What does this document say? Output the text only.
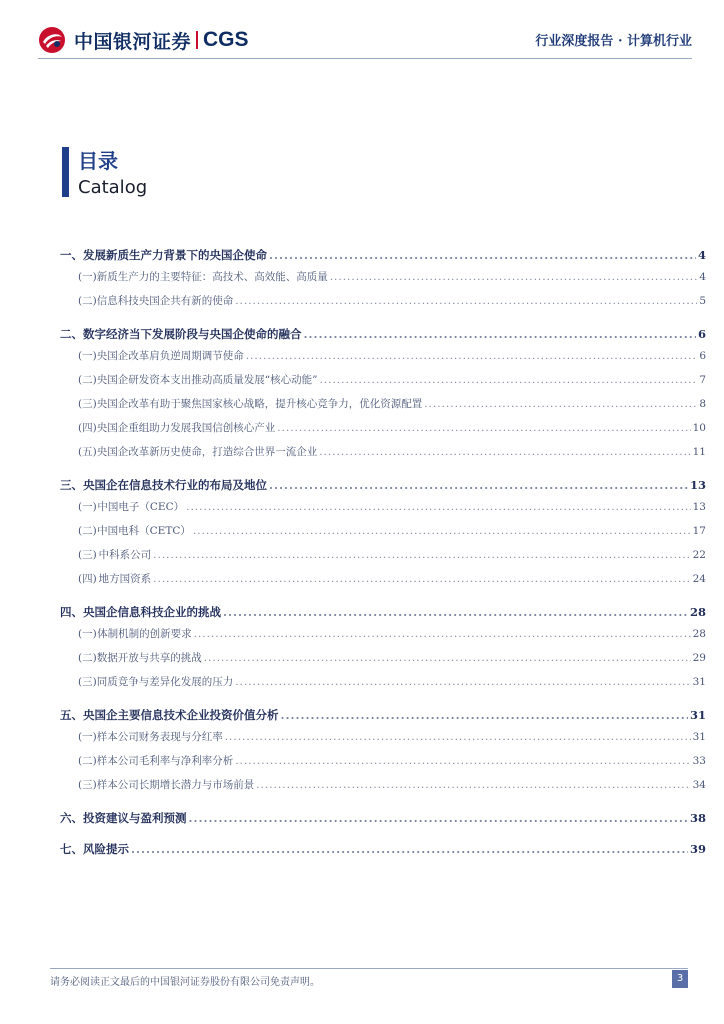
中国银河证券 CGS	行业深度报告 · 计算机行业
目录
Catalog
一、 发展新质生产力背景下的央国企使命 .....	4
(一) 新质生产力的主要特征：高技术、高效能、高质量 .....	4
(二) 信息科技央国企共有新的使命 .....	5
二、 数字经济当下发展阶段与央国企使命的融合 .....	6
(一) 央国企改革肩负逆周期调节使命 .....	6
(二) 央国企研发资本支出推动高质量发展“核心动能” .....	7
(三) 央国企改革有助于聚焦国家核心战略，提升核心竞争力，优化资源配置 .....	8
(四) 央国企重组助力发展我国信创核心产业 .....	10
(五) 央国企改革新历史使命，打造综合世界一流企业 .....	11
三、 央国企在信息技术行业的布局及地位 .....	13
(一) 中国电子（CEC） .....	13
(二) 中国电科（CETC） .....	17
(三) 中科系公司 .....	22
(四) 地方国资系 .....	24
四、 央国企信息科技企业的挑战 .....	28
(一) 体制机制的创新要求 .....	28
(二) 数据开放与共享的挑战 .....	29
(三) 同质竞争与差异化发展的压力 .....	31
五、 央国企主要信息技术企业投资价值分析 .....	31
(一) 样本公司财务表现与分红率 .....	31
(二) 样本公司毛利率与净利率分析 .....	33
(三) 样本公司长期增长潜力与市场前景 .....	34
六、 投资建议与盈利预测 .....	38
七、 风险提示 .....	39
请务必阅读正文最后的中国银河证券股份有限公司免责声明。	3
